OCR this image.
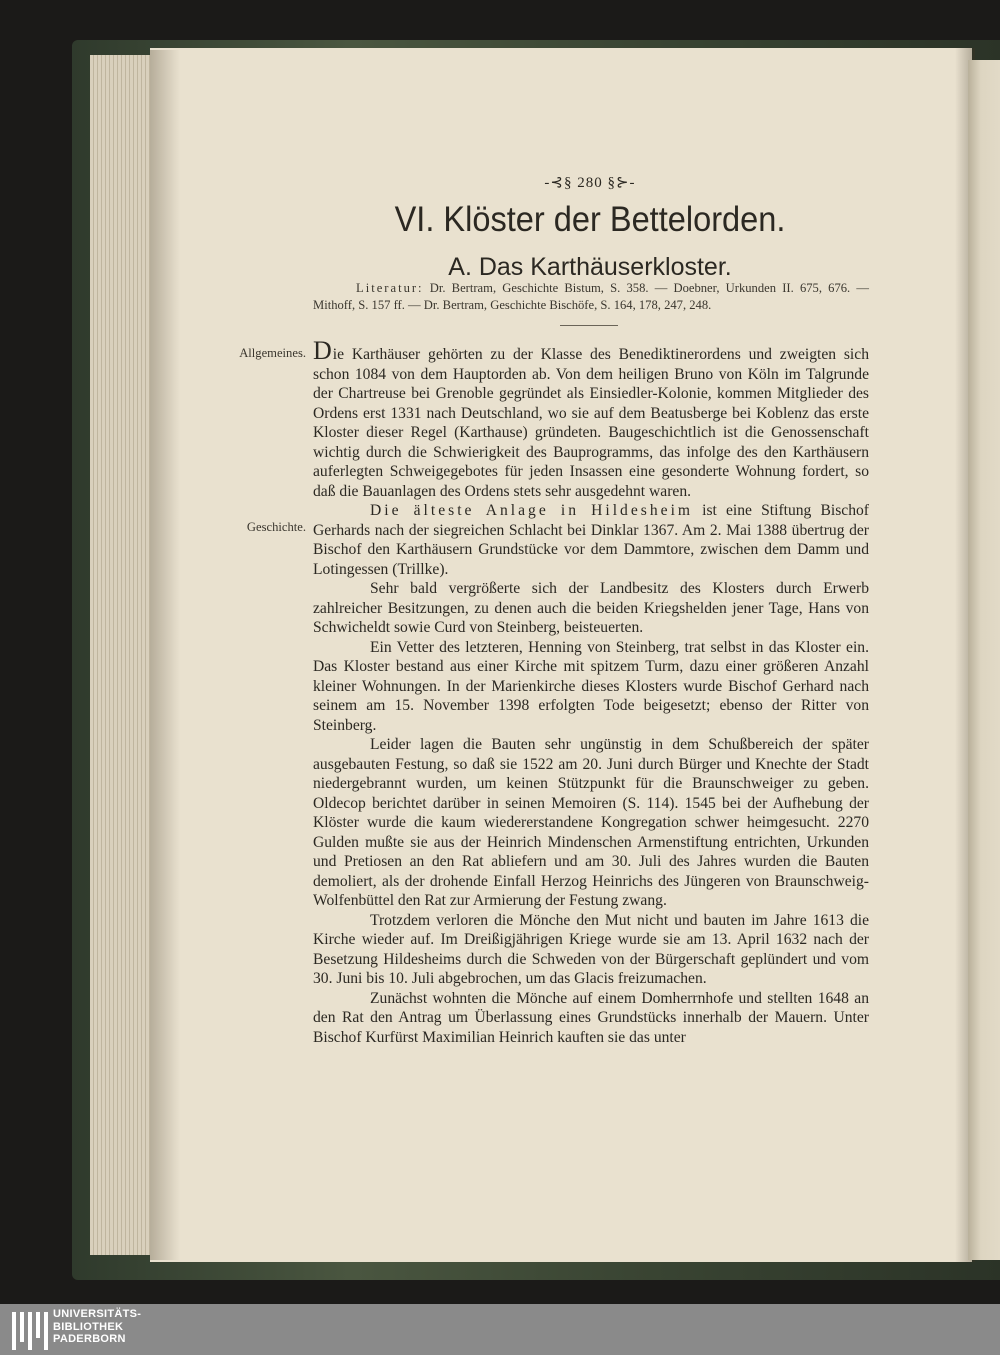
-⊰§ 280 §⊱-
VI. Klöster der Bettelorden.
A. Das Karthäuserkloster.
Literatur: Dr. Bertram, Geschichte Bistum, S. 358. — Doebner, Urkunden II. 675, 676. — Mithoff, S. 157 ff. — Dr. Bertram, Geschichte Bischöfe, S. 164, 178, 247, 248.
Allgemeines.
Geschichte.

Die Karthäuser gehörten zu der Klasse des Benediktinerordens und zweigten sich schon 1084 von dem Hauptorden ab. Von dem heiligen Bruno von Köln im Talgrunde der Chartreuse bei Grenoble gegründet als Einsiedler-Kolonie, kommen Mitglieder des Ordens erst 1331 nach Deutschland, wo sie auf dem Beatusberge bei Koblenz das erste Kloster dieser Regel (Karthause) gründeten. Baugeschichtlich ist die Genossenschaft wichtig durch die Schwierigkeit des Bauprogramms, das infolge des den Karthäusern auferlegten Schweigegebotes für jeden Insassen eine gesonderte Wohnung fordert, so daß die Bauanlagen des Ordens stets sehr ausgedehnt waren.

Die älteste Anlage in Hildesheim ist eine Stiftung Bischof Gerhards nach der siegreichen Schlacht bei Dinklar 1367. Am 2. Mai 1388 übertrug der Bischof den Karthäusern Grundstücke vor dem Dammtore, zwischen dem Damm und Lotingessen (Trillke).

Sehr bald vergrößerte sich der Landbesitz des Klosters durch Erwerb zahlreicher Besitzungen, zu denen auch die beiden Kriegshelden jener Tage, Hans von Schwicheldt sowie Curd von Steinberg, beisteuerten.

Ein Vetter des letzteren, Henning von Steinberg, trat selbst in das Kloster ein. Das Kloster bestand aus einer Kirche mit spitzem Turm, dazu einer größeren Anzahl kleiner Wohnungen. In der Marienkirche dieses Klosters wurde Bischof Gerhard nach seinem am 15. November 1398 erfolgten Tode beigesetzt; ebenso der Ritter von Steinberg.

Leider lagen die Bauten sehr ungünstig in dem Schußbereich der später ausgebauten Festung, so daß sie 1522 am 20. Juni durch Bürger und Knechte der Stadt niedergebrannt wurden, um keinen Stützpunkt für die Braunschweiger zu geben. Oldecop berichtet darüber in seinen Memoiren (S. 114). 1545 bei der Aufhebung der Klöster wurde die kaum wiedererstandene Kongregation schwer heimgesucht. 2270 Gulden mußte sie aus der Heinrich Mindenschen Armenstiftung entrichten, Urkunden und Pretiosen an den Rat abliefern und am 30. Juli des Jahres wurden die Bauten demoliert, als der drohende Einfall Herzog Heinrichs des Jüngeren von Braunschweig-Wolfenbüttel den Rat zur Armierung der Festung zwang.

Trotzdem verloren die Mönche den Mut nicht und bauten im Jahre 1613 die Kirche wieder auf. Im Dreißigjährigen Kriege wurde sie am 13. April 1632 nach der Besetzung Hildesheims durch die Schweden von der Bürgerschaft geplündert und vom 30. Juni bis 10. Juli abgebrochen, um das Glacis freizumachen.

Zunächst wohnten die Mönche auf einem Domherrnhofe und stellten 1648 an den Rat den Antrag um Überlassung eines Grundstücks innerhalb der Mauern. Unter Bischof Kurfürst Maximilian Heinrich kauften sie das unter

UNIVERSITÄTS-
BIBLIOTHEK
PADERBORN
